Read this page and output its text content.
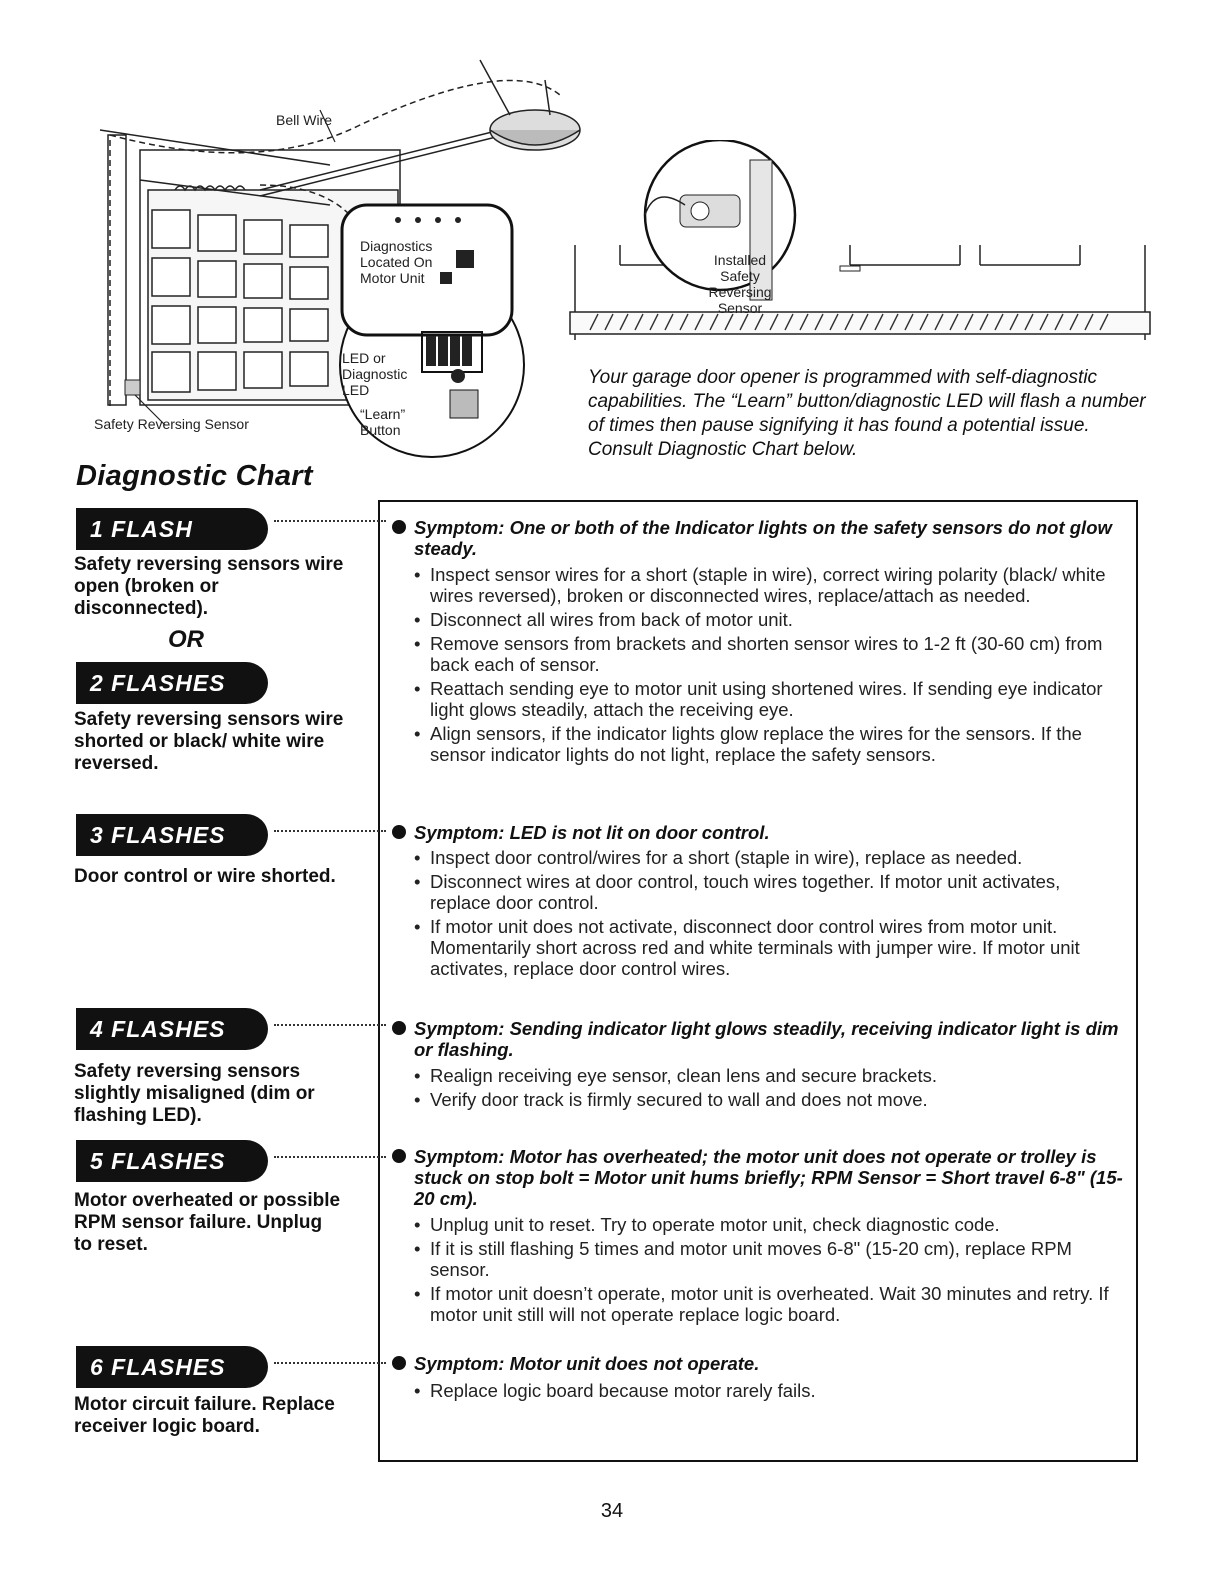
Bell Wire
Diagnostics
Located On
Motor Unit
LED or
Diagnostic
LED
“Learn”
Button
Safety Reversing Sensor
Installed
Safety Reversing
Sensor
Your garage door opener is programmed with self-diagnostic capabilities. The “Learn” button/diagnostic LED will flash a number of times then pause signifying it has found a potential issue. Consult Diagnostic Chart below.
Diagnostic Chart
1 FLASH
Safety reversing sensors wire open (broken or disconnected).
OR
2 FLASHES
Safety reversing sensors wire shorted or black/ white wire reversed.
3 FLASHES
Door control or wire shorted.
4 FLASHES
Safety reversing sensors slightly misaligned (dim or flashing LED).
5 FLASHES
Motor overheated or possible RPM sensor failure. Unplug to reset.
6 FLASHES
Motor circuit failure. Replace receiver logic board.
Symptom: One or both of the Indicator lights on the safety sensors do not glow steady.
• Inspect sensor wires for a short (staple in wire), correct wiring polarity (black/ white wires reversed), broken or disconnected wires, replace/attach as needed.
• Disconnect all wires from back of motor unit.
• Remove sensors from brackets and shorten sensor wires to 1-2 ft (30-60 cm) from back each of sensor.
• Reattach sending eye to motor unit using shortened wires. If sending eye indicator light glows steadily, attach the receiving eye.
• Align sensors, if the indicator lights glow replace the wires for the sensors. If the sensor indicator lights do not light, replace the safety sensors.
Symptom: LED is not lit on door control.
• Inspect door control/wires for a short (staple in wire), replace as needed.
• Disconnect wires at door control, touch wires together. If motor unit activates, replace door control.
• If motor unit does not activate, disconnect door control wires from motor unit. Momentarily short across red and white terminals with jumper wire. If motor unit activates, replace door control wires.
Symptom: Sending indicator light glows steadily, receiving indicator light is dim or flashing.
• Realign receiving eye sensor, clean lens and secure brackets.
• Verify door track is firmly secured to wall and does not move.
Symptom: Motor has overheated; the motor unit does not operate or trolley is stuck on stop bolt = Motor unit hums briefly; RPM Sensor = Short travel 6-8" (15-20 cm).
• Unplug unit to reset. Try to operate motor unit, check diagnostic code.
• If it is still flashing 5 times and motor unit moves 6-8" (15-20 cm), replace RPM sensor.
• If motor unit doesn’t operate, motor unit is overheated. Wait 30 minutes and retry. If motor unit still will not operate replace logic board.
Symptom: Motor unit does not operate.
• Replace logic board because motor rarely fails.
34
